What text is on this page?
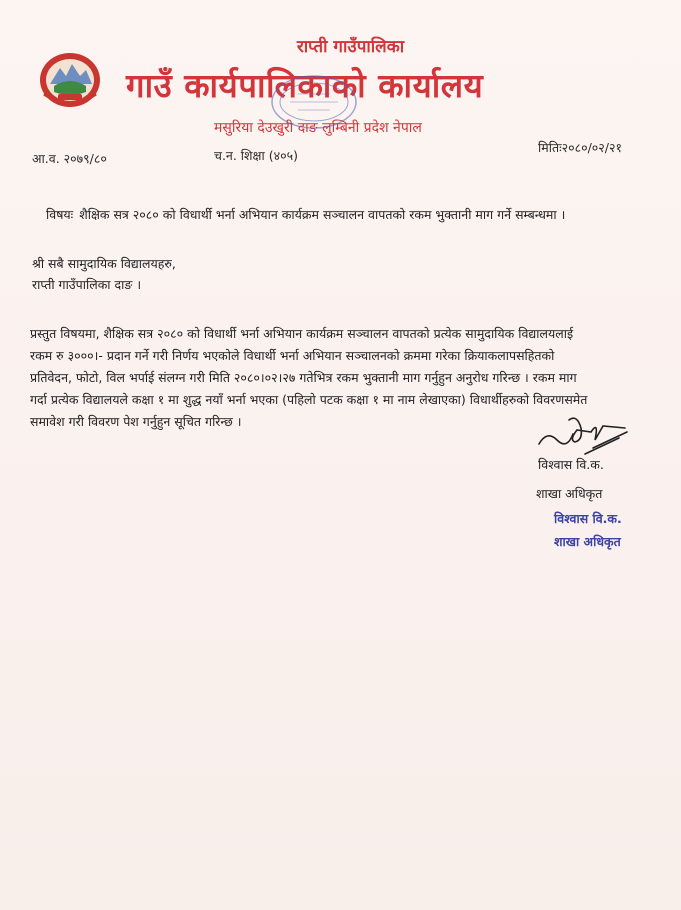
राप्ती गाउँपालिका
गाउँ कार्यपालिकाको कार्यालय
मसुरिया देउखुरी दाङ लुम्बिनी प्रदेश नेपाल
आ.व. २०७९/८०	च.न. शिक्षा (४०५)
मितिः२०८०/०२/२१
विषयः शैक्षिक सत्र २०८० को विधार्थी भर्ना अभियान कार्यक्रम सञ्चालन वापतको रकम भुक्तानी माग गर्ने सम्बन्धमा ।
श्री सबै सामुदायिक विद्यालयहरु,
राप्ती गाउँपालिका दाङ ।
प्रस्तुत विषयमा, शैक्षिक सत्र २०८० को विधार्थी भर्ना अभियान कार्यक्रम सञ्चालन वापतको प्रत्येक सामुदायिक विद्यालयलाई
रकम रु ३०००।- प्रदान गर्ने गरी निर्णय भएकोले विधार्थी भर्ना अभियान सञ्चालनको क्रममा गरेका क्रियाकलापसहितको
प्रतिवेदन, फोटो, विल भर्पाई संलग्न गरी मिति २०८०।०२।२७ गतेभित्र रकम भुक्तानी माग गर्नुहुन अनुरोध गरिन्छ । रकम माग
गर्दा प्रत्येक विद्यालयले कक्षा १ मा शुद्ध नयाँ भर्ना भएका (पहिलो पटक कक्षा १ मा नाम लेखाएका) विधार्थीहरुको विवरणसमेत
समावेश गरी विवरण पेश गर्नुहुन सूचित गरिन्छ ।
विश्वास वि.क.
शाखा अधिकृत
विश्वास वि.क.
शाखा अधिकृत
